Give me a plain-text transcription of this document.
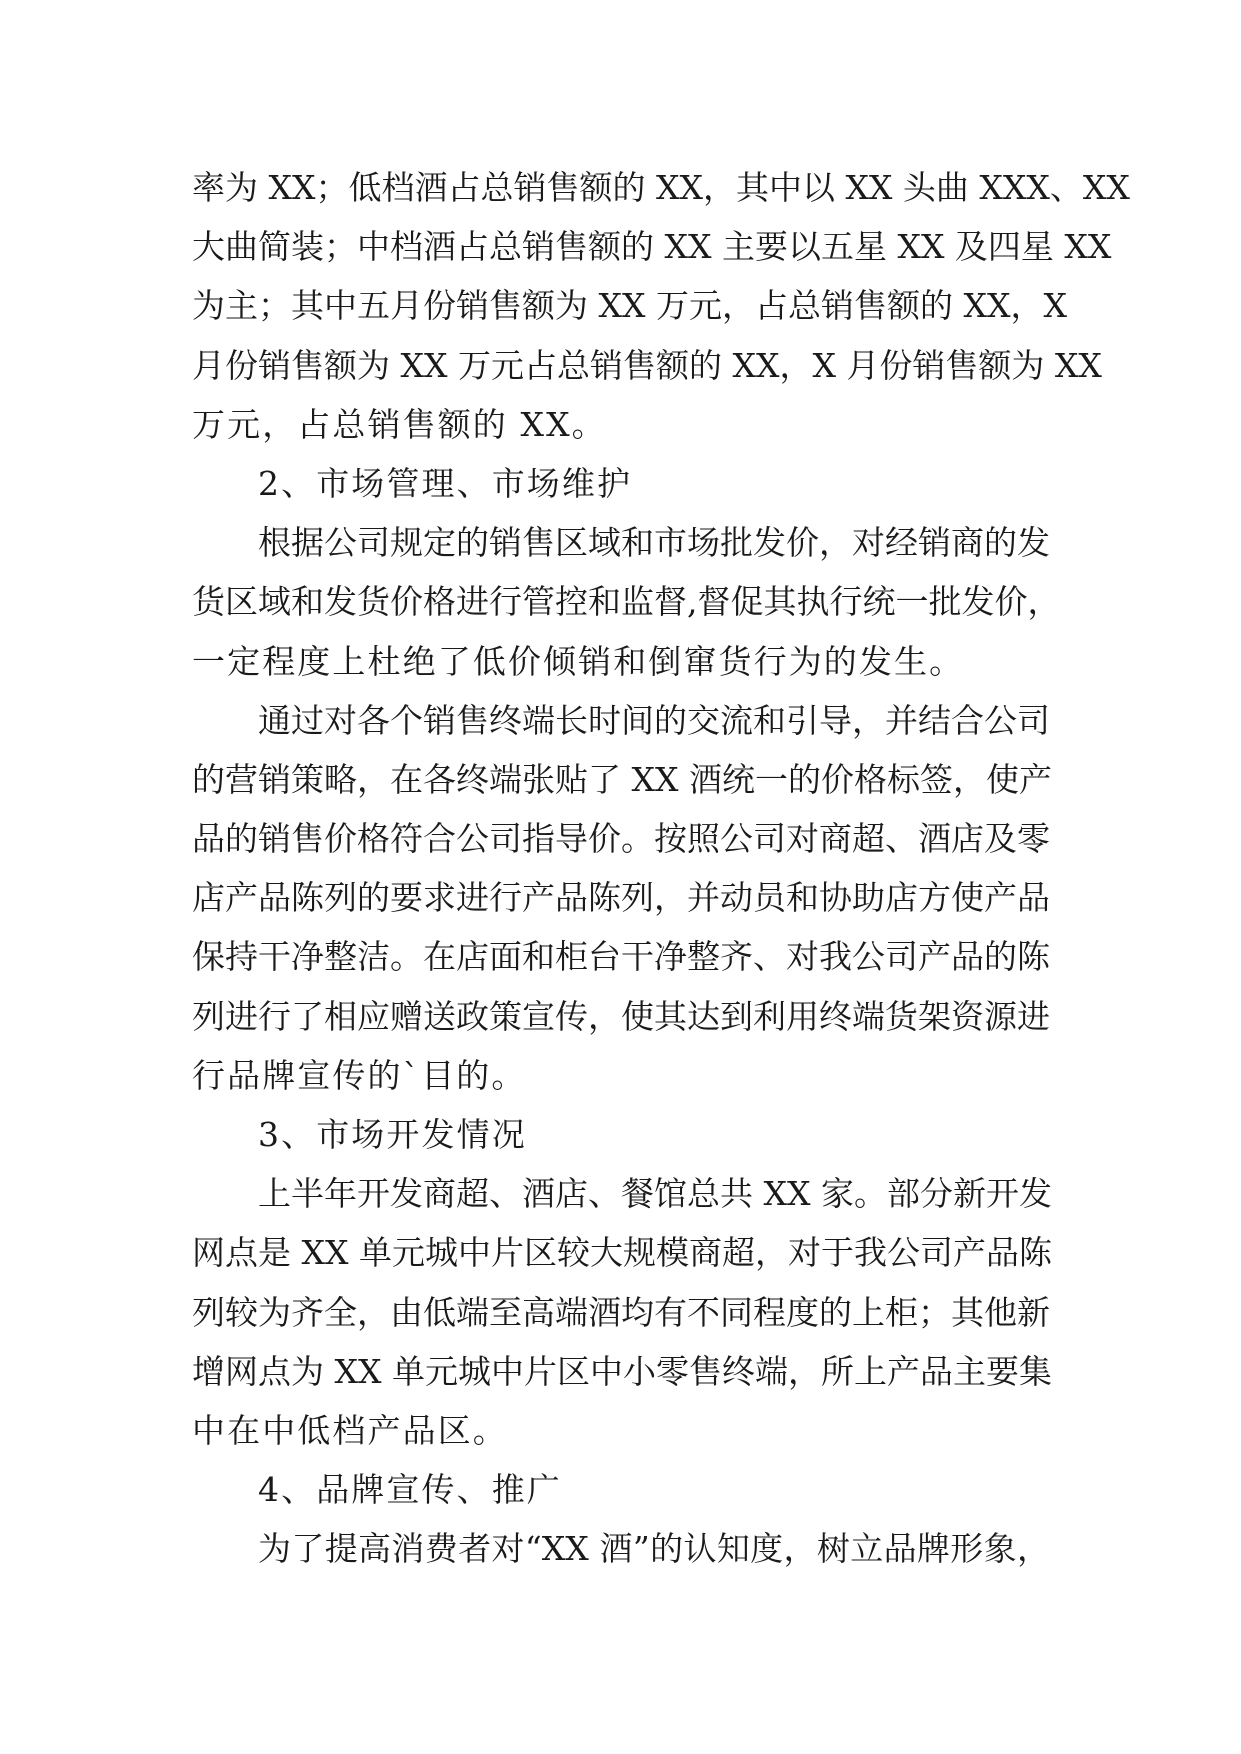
率为 XX；低档酒占总销售额的 XX，其中以 XX 头曲 XXX、XX
大曲简装；中档酒占总销售额的 XX 主要以五星 XX 及四星 XX
为主；其中五月份销售额为 XX 万元，占总销售额的 XX，X
月份销售额为 XX 万元占总销售额的 XX，X 月份销售额为 XX
万元，占总销售额的 XX。
2、市场管理、市场维护
根据公司规定的销售区域和市场批发价，对经销商的发
货区域和发货价格进行管控和监督,督促其执行统一批发价，
一定程度上杜绝了低价倾销和倒窜货行为的发生。
通过对各个销售终端长时间的交流和引导，并结合公司
的营销策略，在各终端张贴了 XX 酒统一的价格标签，使产
品的销售价格符合公司指导价。按照公司对商超、酒店及零
店产品陈列的要求进行产品陈列，并动员和协助店方使产品
保持干净整洁。在店面和柜台干净整齐、对我公司产品的陈
列进行了相应赠送政策宣传，使其达到利用终端货架资源进
行品牌宣传的`目的。
3、市场开发情况
上半年开发商超、酒店、餐馆总共 XX 家。部分新开发
网点是 XX 单元城中片区较大规模商超，对于我公司产品陈
列较为齐全，由低端至高端酒均有不同程度的上柜；其他新
增网点为 XX 单元城中片区中小零售终端，所上产品主要集
中在中低档产品区。
4、品牌宣传、推广
为了提高消费者对“XX 酒”的认知度，树立品牌形象，
